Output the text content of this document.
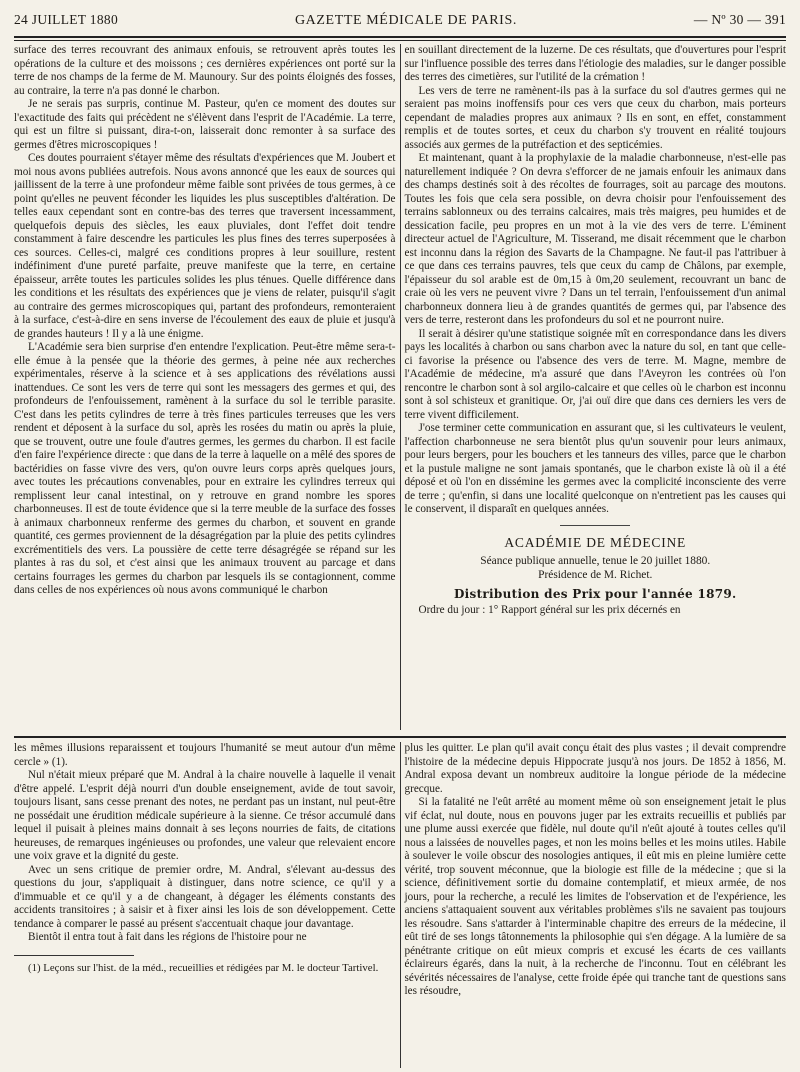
24 JUILLET 1880	GAZETTE MÉDICALE DE PARIS.	— Nº 30 — 391

surface des terres recouvrant des animaux enfouis, se retrouvent après toutes les opérations de la culture et des moissons ; ces dernières expériences ont porté sur la terre de nos champs de la ferme de M. Maunoury. Sur des points éloignés des fosses, au contraire, la terre n'a pas donné le charbon.

Je ne serais pas surpris, continue M. Pasteur, qu'en ce moment des doutes sur l'exactitude des faits qui précèdent ne s'élèvent dans l'esprit de l'Académie. La terre, qui est un filtre si puissant, dira-t-on, laisserait donc remonter à sa surface des germes d'êtres microscopiques !

Ces doutes pourraient s'étayer même des résultats d'expériences que M. Joubert et moi nous avons publiées autrefois. Nous avons annoncé que les eaux de sources qui jaillissent de la terre à une profondeur même faible sont privées de tous germes, à ce point qu'elles ne peuvent féconder les liquides les plus susceptibles d'altération. De telles eaux cependant sont en contre-bas des terres que traversent incessamment, quelquefois depuis des siècles, les eaux pluviales, dont l'effet doit tendre constamment à faire descendre les particules les plus fines des terres superposées à ces sources. Celles-ci, malgré ces conditions propres à leur souillure, restent indéfiniment d'une pureté parfaite, preuve manifeste que la terre, en certaine épaisseur, arrête toutes les particules solides les plus ténues. Quelle différence dans les conditions et les résultats des expériences que je viens de relater, puisqu'il s'agit au contraire des germes microscopiques qui, partant des profondeurs, remonteraient à la surface, c'est-à-dire en sens inverse de l'écoulement des eaux de pluie et jusqu'à de grandes hauteurs ! Il y a là une énigme.

L'Académie sera bien surprise d'en entendre l'explication. Peut-être même sera-t-elle émue à la pensée que la théorie des germes, à peine née aux recherches expérimentales, réserve à la science et à ses applications des révélations aussi inattendues. Ce sont les vers de terre qui sont les messagers des germes et qui, des profondeurs de l'enfouissement, ramènent à la surface du sol le terrible parasite. C'est dans les petits cylindres de terre à très fines particules terreuses que les vers rendent et déposent à la surface du sol, après les rosées du matin ou après la pluie, que se trouvent, outre une foule d'autres germes, les germes du charbon. Il est facile d'en faire l'expérience directe : que dans de la terre à laquelle on a mêlé des spores de bactéridies on fasse vivre des vers, qu'on ouvre leurs corps après quelques jours, avec toutes les précautions convenables, pour en extraire les cylindres terreux qui remplissent leur canal intestinal, on y retrouve en grand nombre les spores charbonneuses. Il est de toute évidence que si la terre meuble de la surface des fosses à animaux charbonneux renferme des germes du charbon, et souvent en grande quantité, ces germes proviennent de la désagrégation par la pluie des petits cylindres excrémentitiels des vers. La poussière de cette terre désagrégée se répand sur les plantes à ras du sol, et c'est ainsi que les animaux trouvent au parcage et dans certains fourrages les germes du charbon par lesquels ils se contagionnent, comme dans celles de nos expériences où nous avons communiqué le charbon

en souillant directement de la luzerne. De ces résultats, que d'ouvertures pour l'esprit sur l'influence possible des terres dans l'étiologie des maladies, sur le danger possible des terres des cimetières, sur l'utilité de la crémation !

Les vers de terre ne ramènent-ils pas à la surface du sol d'autres germes qui ne seraient pas moins inoffensifs pour ces vers que ceux du charbon, mais porteurs cependant de maladies propres aux animaux ? Ils en sont, en effet, constamment remplis et de toutes sortes, et ceux du charbon s'y trouvent en réalité toujours associés aux germes de la putréfaction et des septicémies.

Et maintenant, quant à la prophylaxie de la maladie charbonneuse, n'est-elle pas naturellement indiquée ? On devra s'efforcer de ne jamais enfouir les animaux dans des champs destinés soit à des récoltes de fourrages, soit au parcage des moutons. Toutes les fois que cela sera possible, on devra choisir pour l'enfouissement des terrains sablonneux ou des terrains calcaires, mais très maigres, peu humides et de dessication facile, peu propres en un mot à la vie des vers de terre. L'éminent directeur actuel de l'Agriculture, M. Tisserand, me disait récemment que le charbon est inconnu dans la région des Savarts de la Champagne. Ne faut-il pas l'attribuer à ce que dans ces terrains pauvres, tels que ceux du camp de Châlons, par exemple, l'épaisseur du sol arable est de 0m,15 à 0m,20 seulement, recouvrant un banc de craie où les vers ne peuvent vivre ? Dans un tel terrain, l'enfouissement d'un animal charbonneux donnera lieu à de grandes quantités de germes qui, par l'absence des vers de terre, resteront dans les profondeurs du sol et ne pourront nuire.

Il serait à désirer qu'une statistique soignée mît en correspondance dans les divers pays les localités à charbon ou sans charbon avec la nature du sol, en tant que celle-ci favorise la présence ou l'absence des vers de terre. M. Magne, membre de l'Académie de médecine, m'a assuré que dans l'Aveyron les contrées où l'on rencontre le charbon sont à sol argilo-calcaire et que celles où le charbon est inconnu sont à sol schisteux et granitique. Or, j'ai ouï dire que dans ces derniers les vers de terre vivent difficilement.

J'ose terminer cette communication en assurant que, si les cultivateurs le veulent, l'affection charbonneuse ne sera bientôt plus qu'un souvenir pour leurs animaux, pour leurs bergers, pour les bouchers et les tanneurs des villes, parce que le charbon et la pustule maligne ne sont jamais spontanés, que le charbon existe là où il a été déposé et où l'on en dissémine les germes avec la complicité inconsciente des verre de terre ; qu'enfin, si dans une localité quelconque on n'entretient pas les causes qui le conservent, il disparaît en quelques années.

ACADÉMIE DE MÉDECINE
Séance publique annuelle, tenue le 20 juillet 1880.
Présidence de M. Richet.
Distribution des Prix pour l'année 1879.

Ordre du jour : 1° Rapport général sur les prix décernés en

les mêmes illusions reparaissent et toujours l'humanité se meut autour d'un même cercle » (1).

Nul n'était mieux préparé que M. Andral à la chaire nouvelle à laquelle il venait d'être appelé. L'esprit déjà nourri d'un double enseignement, avide de tout savoir, toujours lisant, sans cesse prenant des notes, ne perdant pas un instant, nul peut-être ne possédait une érudition médicale supérieure à la sienne. Ce trésor accumulé dans lequel il puisait à pleines mains donnait à ses leçons nourries de faits, de citations heureuses, de remarques ingénieuses ou profondes, une valeur que relevaient encore une voix grave et la dignité du geste.

Avec un sens critique de premier ordre, M. Andral, s'élevant au-dessus des questions du jour, s'appliquait à distinguer, dans notre science, ce qu'il y a d'immuable et ce qu'il y a de changeant, à dégager les éléments constants des accidents transitoires ; à saisir et à fixer ainsi les lois de son développement. Cette tendance à comparer le passé au présent s'accentuait chaque jour davantage.

Bientôt il entra tout à fait dans les régions de l'histoire pour ne

(1) Leçons sur l'hist. de la méd., recueillies et rédigées par M. le docteur Tartivel.

plus les quitter. Le plan qu'il avait conçu était des plus vastes ; il devait comprendre l'histoire de la médecine depuis Hippocrate jusqu'à nos jours. De 1852 à 1856, M. Andral exposa devant un nombreux auditoire la longue période de la médecine grecque.

Si la fatalité ne l'eût arrêté au moment même où son enseignement jetait le plus vif éclat, nul doute, nous en pouvons juger par les extraits recueillis et publiés par une plume aussi exercée que fidèle, nul doute qu'il n'eût ajouté à toutes celles qu'il nous a laissées de nouvelles pages, et non les moins belles et les moins utiles. Habile à soulever le voile obscur des nosologies antiques, il eût mis en pleine lumière cette vérité, trop souvent méconnue, que la biologie est fille de la médecine ; que si la science, définitivement sortie du domaine contemplatif, et mieux armée, de nos jours, pour la recherche, a reculé les limites de l'observation et de l'expérience, les anciens s'attaquaient souvent aux véritables problèmes s'ils ne savaient pas toujours les résoudre. Sans s'attarder à l'interminable chapitre des erreurs de la médecine, il eût tiré de ses longs tâtonnements la philosophie qui s'en dégage. A la lumière de sa pénétrante critique on eût mieux compris et excusé les écarts de ces vaillants éclaireurs égarés, dans la nuit, à la recherche de l'inconnu. Tout en célébrant les sévérités nécessaires de l'analyse, cette froide épée qui tranche tant de questions sans les résoudre,
